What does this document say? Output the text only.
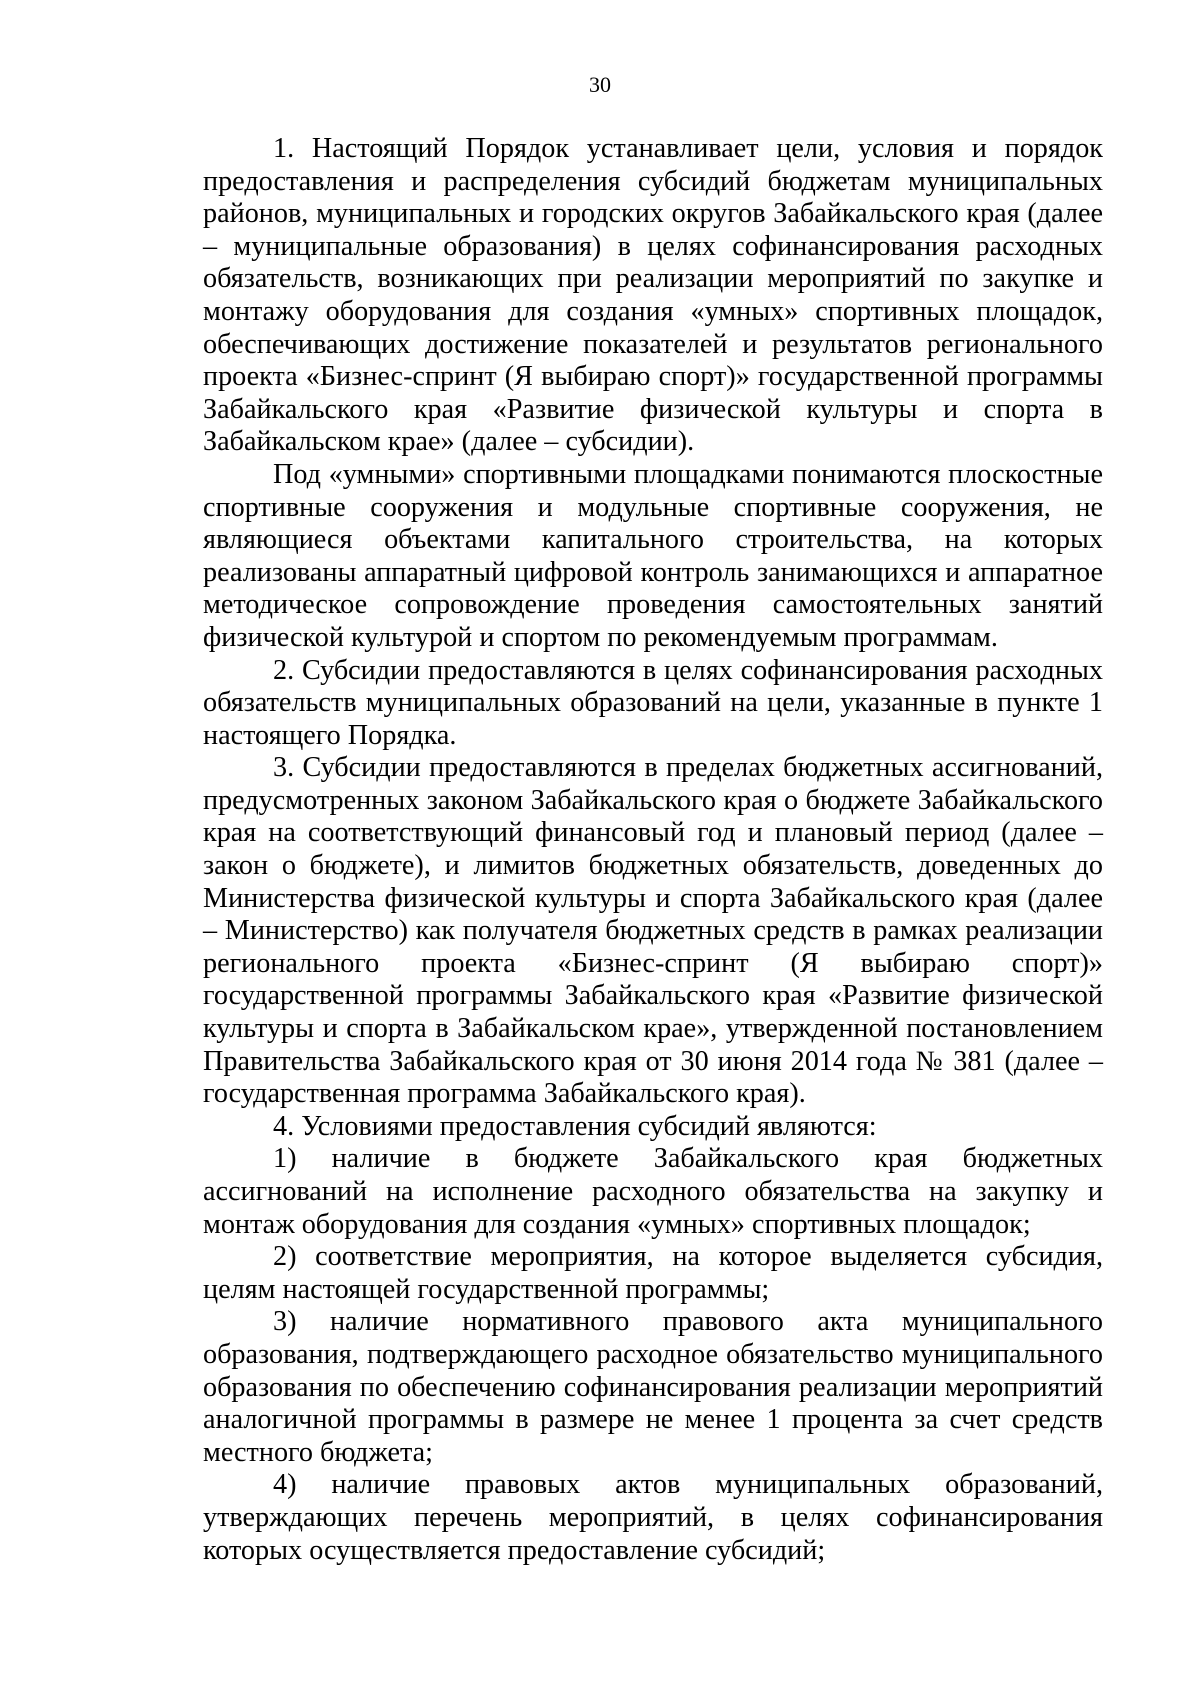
30

1. Настоящий Порядок устанавливает цели, условия и порядок предоставления и распределения субсидий бюджетам муниципальных районов, муниципальных и городских округов Забайкальского края (далее – муниципальные образования) в целях софинансирования расходных обязательств, возникающих при реализации мероприятий по закупке и монтажу оборудования для создания «умных» спортивных площадок, обеспечивающих достижение показателей и результатов регионального проекта «Бизнес-спринт (Я выбираю спорт)» государственной программы Забайкальского края «Развитие физической культуры и спорта в Забайкальском крае» (далее – субсидии).

Под «умными» спортивными площадками понимаются плоскостные спортивные сооружения и модульные спортивные сооружения, не являющиеся объектами капитального строительства, на которых реализованы аппаратный цифровой контроль занимающихся и аппаратное методическое сопровождение проведения самостоятельных занятий физической культурой и спортом по рекомендуемым программам.

2. Субсидии предоставляются в целях софинансирования расходных обязательств муниципальных образований на цели, указанные в пункте 1 настоящего Порядка.

3. Субсидии предоставляются в пределах бюджетных ассигнований, предусмотренных законом Забайкальского края о бюджете Забайкальского края на соответствующий финансовый год и плановый период (далее – закон о бюджете), и лимитов бюджетных обязательств, доведенных до Министерства физической культуры и спорта Забайкальского края (далее – Министерство) как получателя бюджетных средств в рамках реализации регионального проекта «Бизнес-спринт (Я выбираю спорт)» государственной программы Забайкальского края «Развитие физической культуры и спорта в Забайкальском крае», утвержденной постановлением Правительства Забайкальского края от 30 июня 2014 года № 381 (далее – государственная программа Забайкальского края).

4. Условиями предоставления субсидий являются:

1) наличие в бюджете Забайкальского края бюджетных ассигнований на исполнение расходного обязательства на закупку и монтаж оборудования для создания «умных» спортивных площадок;

2) соответствие мероприятия, на которое выделяется субсидия, целям настоящей государственной программы;

3) наличие нормативного правового акта муниципального образования, подтверждающего расходное обязательство муниципального образования по обеспечению софинансирования реализации мероприятий аналогичной программы в размере не менее 1 процента за счет средств местного бюджета;

4) наличие правовых актов муниципальных образований, утверждающих перечень мероприятий, в целях софинансирования которых осуществляется предоставление субсидий;
